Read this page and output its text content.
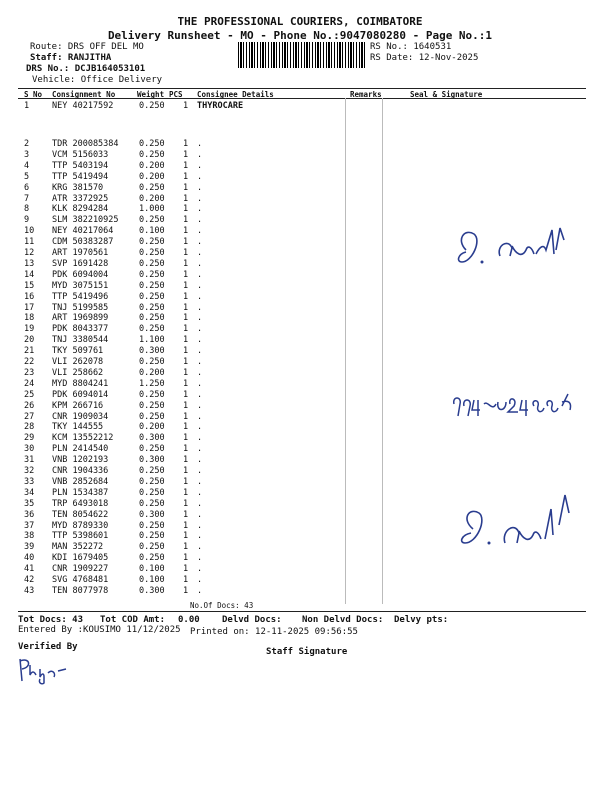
THE PROFESSIONAL COURIERS, COIMBATORE
Delivery Runsheet - MO - Phone No.:9047080280 - Page No.:1
Route: DRS OFF DEL MO
Staff: RANJITHA
DRS No.: DCJB164053101
Vehicle: Office Delivery
RS No.: 1640531
RS Date: 12-Nov-2025
S No Consignment No	Weight PCS Consignee Details	Remarks	Seal & Signature
1	NEY 40217592	0.250 1 THYROCARE
2	TDR 200085384 0.250 1 .
3	VCM 5156033	0.250 1 .
4	TTP 5403194	0.200 1 .
5	TTP 5419494	0.200 1 .
6	KRG 381570	0.250 1 .
7	ATR 3372925	0.200 1 .
8	KLK 8294284	1.000 1 .
9	SLM 382210925 0.250 1 .
10 NEY 40217064	0.100 1 .
11 CDM 50383287	0.250 1 .
12 ART 1970561	0.250 1 .
13 SVP 1691428	0.250 1 .
14 PDK 6094004	0.250 1 .
15 MYD 3075151	0.250 1 .
16 TTP 5419496	0.250 1 .
17 TNJ 5199585	0.250 1 .
18 ART 1969899	0.250 1 .
19 PDK 8043377	0.250 1 .
20 TNJ 3380544	1.100 1 .
21 TKY 509761	0.300 1 .
22 VLI 262078	0.250 1 .
23 VLI 258662	0.200 1 .
24 MYD 8804241	1.250 1 .
25 PDK 6094014	0.250 1 .
26 KPM 266716	0.250 1 .
27 CNR 1909034	0.250 1 .
28 TKY 144555	0.200 1 .
29 KCM 13552212	0.300 1 .
30 PLN 2414540	0.250 1 .
31 VNB 1202193	0.300 1 .
32 CNR 1904336	0.250 1 .
33 VNB 2852684	0.250 1 .
34 PLN 1534387	0.250 1 .
35 TRP 6493018	0.250 1 .
36 TEN 8054622	0.300 1 .
37 MYD 8789330	0.250 1 .
38 TTP 5398601	0.250 1 .
39 MAN 352272	0.250 1 .
40 KDI 1679405	0.250 1 .
41 CNR 1909227	0.100 1 .
42 SVG 4768481	0.100 1 .
43 TEN 8077978	0.300 1 .
No.Of Docs: 43
Tot Docs: 43 Tot COD Amt: 0.00 Delvd Docs: Non Delvd Docs: Delvy pts:
Entered By :KOUSIMO 11/12/2025 Printed on: 12-11-2025 09:56:55
Verified By	Staff Signature
